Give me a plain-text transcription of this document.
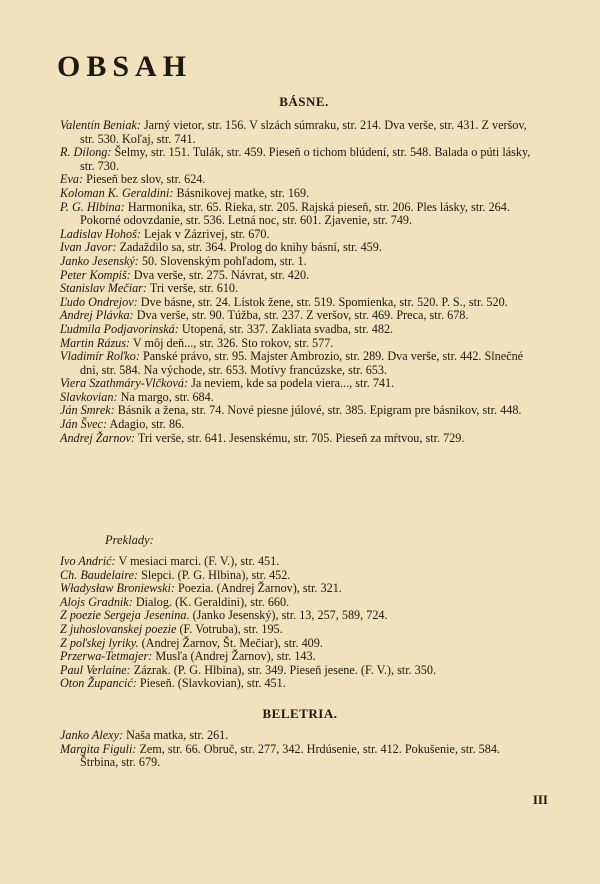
OBSAH
BÁSNE.

Valentín Beniak: Jarný vietor, str. 156. V slzách súmraku, str. 214. Dva verše, str. 431. Z veršov, str. 530. Koľaj, str. 741.

R. Dilong: Šelmy, str. 151. Tulák, str. 459. Pieseň o tichom blúdení, str. 548. Balada o púti lásky, str. 730.

Eva: Pieseň bez slov, str. 624.

Koloman K. Geraldini: Básnikovej matke, str. 169.

P. G. Hlbina: Harmonika, str. 65. Rieka, str. 205. Rajská pieseň, str. 206. Ples lásky, str. 264. Pokorné odovzdanie, str. 536. Letná noc, str. 601. Zjavenie, str. 749.

Ladislav Hohoš: Lejak v Zázrivej, str. 670.

Ivan Javor: Zadaždilo sa, str. 364. Prolog do knihy básní, str. 459.

Janko Jesenský: 50. Slovenským pohľadom, str. 1.

Peter Kompiš: Dva verše, str. 275. Návrat, str. 420.

Stanislav Mečiar: Tri verše, str. 610.

Ľudo Ondrejov: Dve básne, str. 24. Lístok žene, str. 519. Spomienka, str. 520. P. S., str. 520.

Andrej Plávka: Dva verše, str. 90. Túžba, str. 237. Z veršov, str. 469. Preca, str. 678.

Ľudmila Podjavorinská: Utopená, str. 337. Zakliata svadba, str. 482.

Martin Rázus: V môj deň..., str. 326. Sto rokov, str. 577.

Vladimír Roľko: Panské právo, str. 95. Majster Ambrozio, str. 289. Dva verše, str. 442. Slnečné dni, str. 584. Na východe, str. 653. Motívy francúzske, str. 653.

Viera Szathmáry-Vlčková: Ja neviem, kde sa podela viera..., str. 741.

Slavkovian: Na margo, str. 684.

Ján Smrek: Básnik a žena, str. 74. Nové piesne júlové, str. 385. Epigram pre básnikov, str. 448.

Ján Švec: Adagio, str. 86.

Andrej Žarnov: Tri verše, str. 641. Jesenskému, str. 705. Pieseň za mŕtvou, str. 729.

Preklady:

Ivo Andrić: V mesiaci marci. (F. V.), str. 451.

Ch. Baudelaire: Slepci. (P. G. Hlbina), str. 452.

Władysław Broniewski: Poezia. (Andrej Žarnov), str. 321.

Alojs Gradnik: Dialog. (K. Geraldini), str. 660.

Z poezie Sergeja Jesenina. (Janko Jesenský), str. 13, 257, 589, 724.

Z juhoslovanskej poezie (F. Votruba), str. 195.

Z poľskej lyriky. (Andrej Žarnov, Št. Mečiar), str. 409.

Przerwa-Tetmajer: Musľa (Andrej Žarnov), str. 143.

Paul Verlaine: Zázrak. (P. G. Hlbina), str. 349. Pieseň jesene. (F. V.), str. 350.

Oton Župancić: Pieseň. (Slavkovian), str. 451.

BELETRIA.

Janko Alexy: Naša matka, str. 261.

Margita Figuli: Zem, str. 66. Obruč, str. 277, 342. Hrdúsenie, str. 412. Pokušenie, str. 584. Štrbina, str. 679.

III
